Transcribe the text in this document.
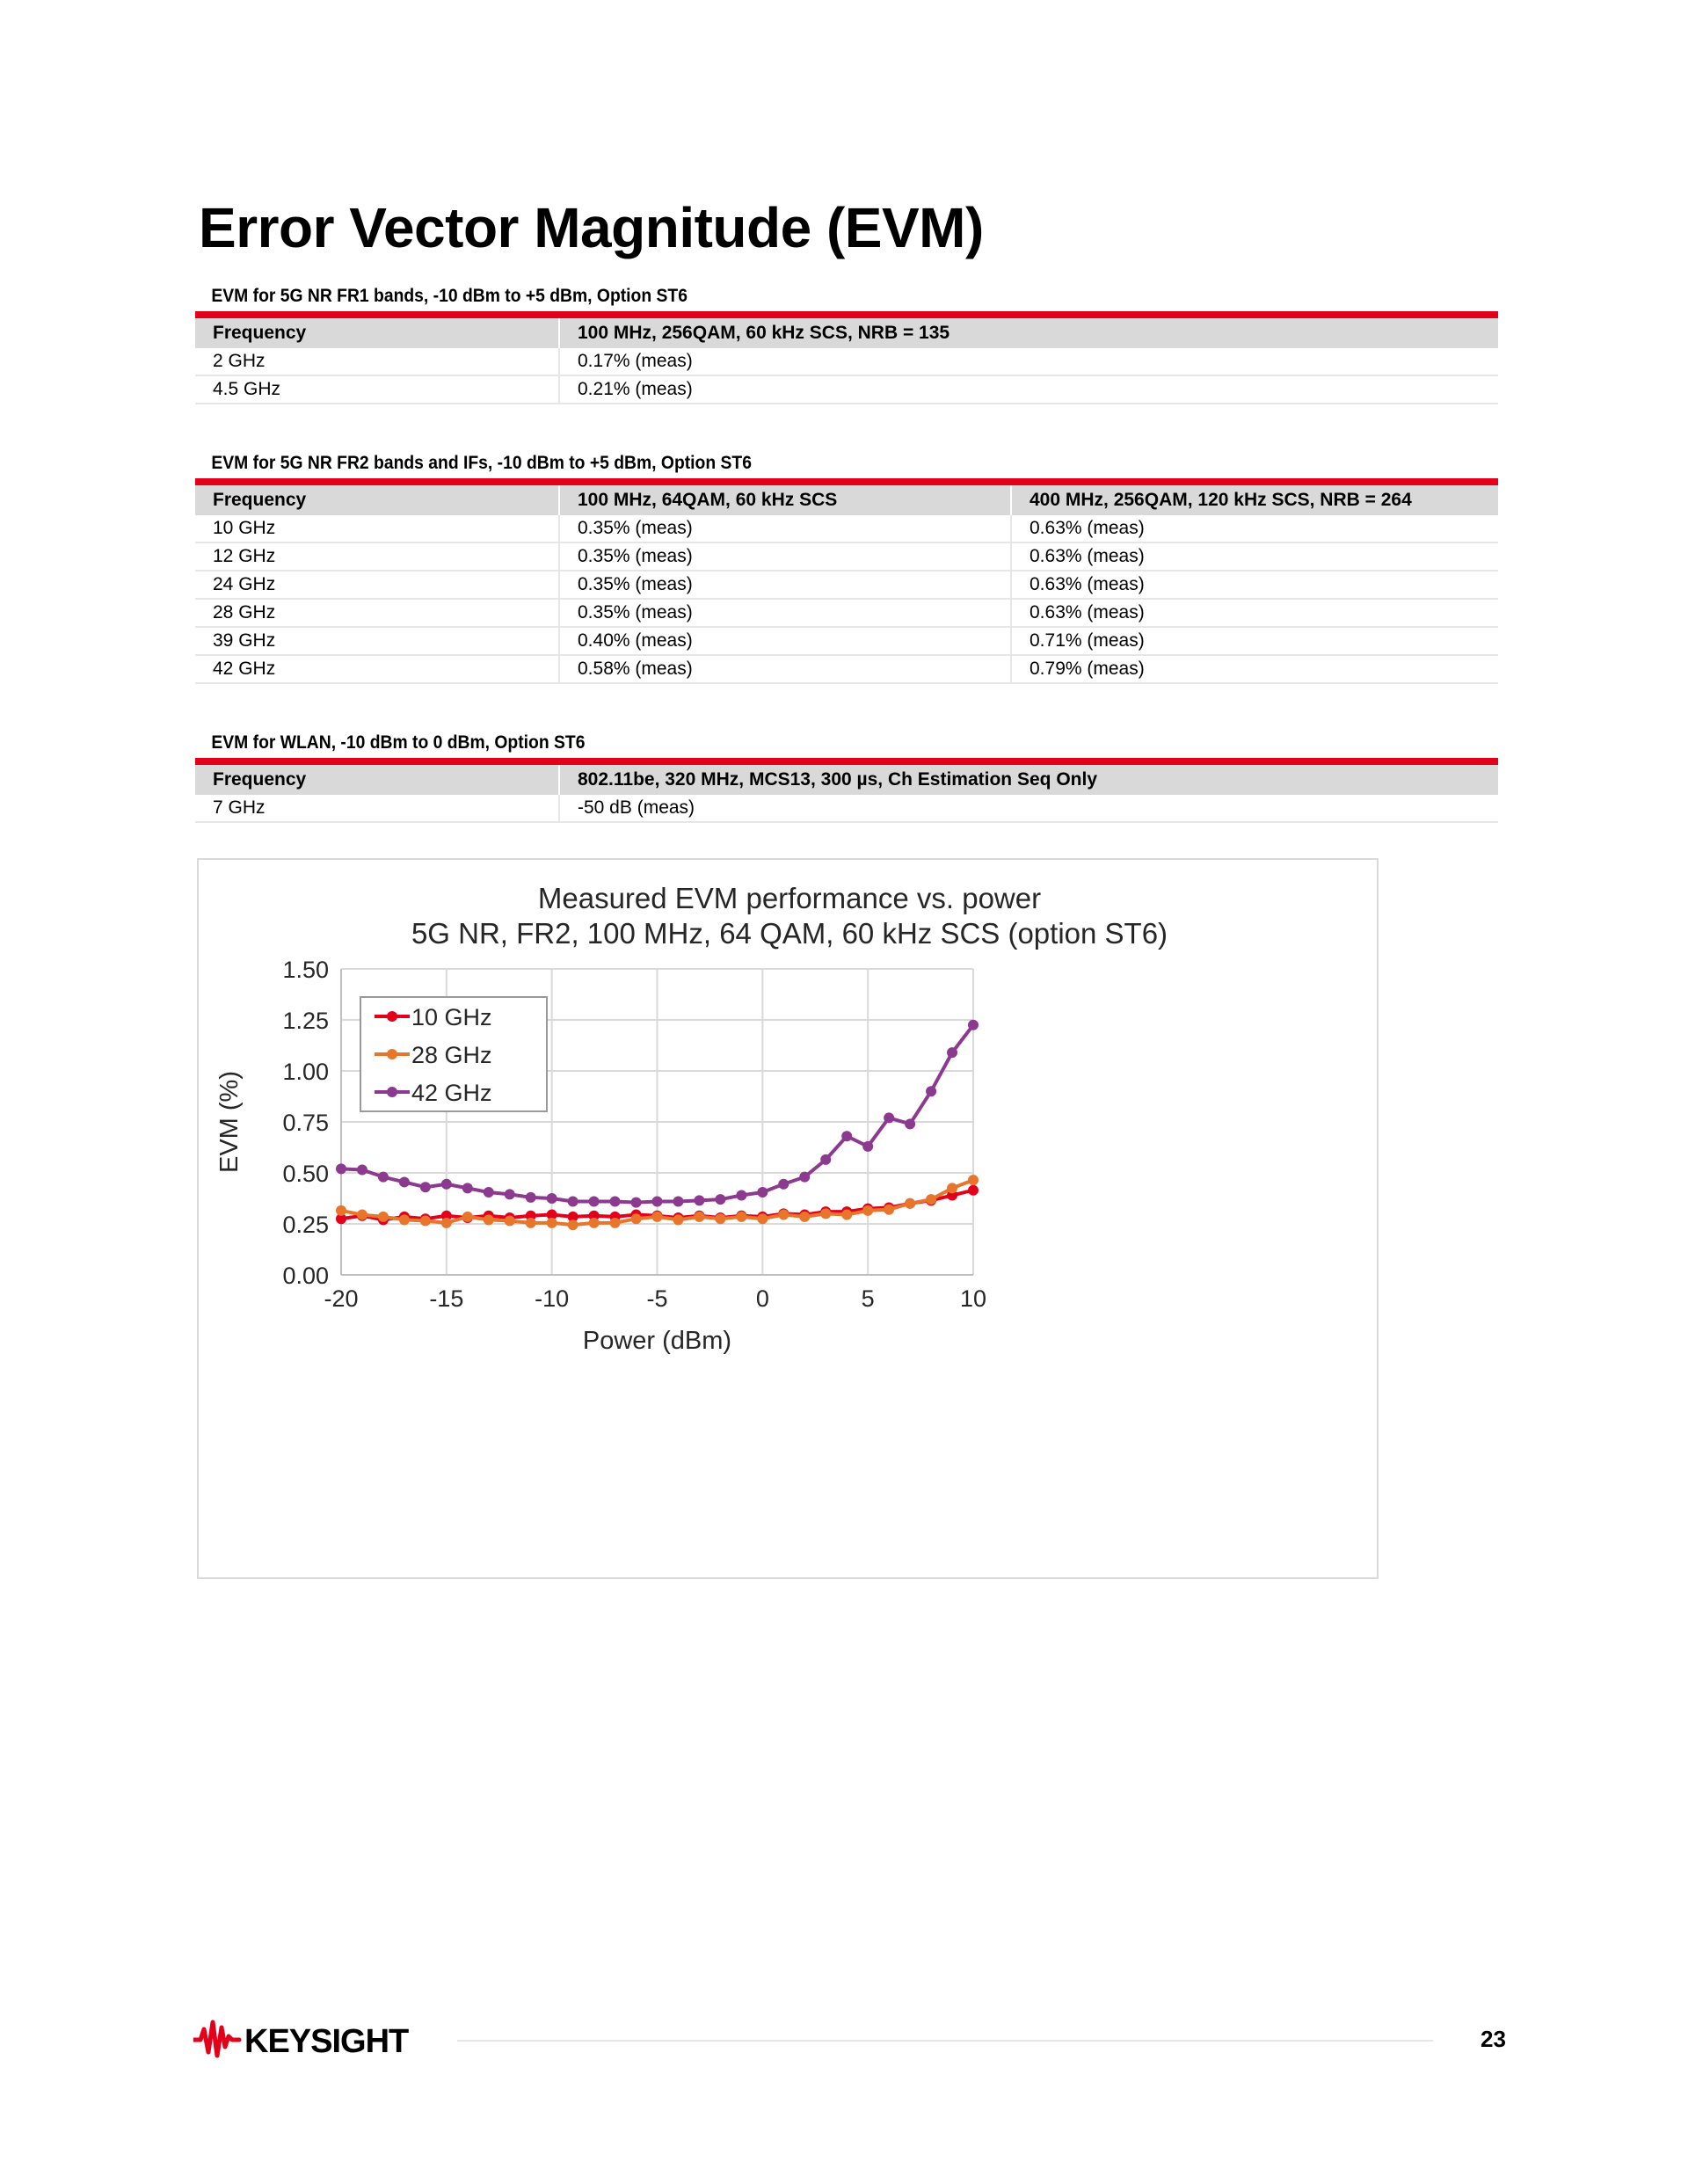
Error Vector Magnitude (EVM)
EVM for 5G NR FR1 bands, -10 dBm to +5 dBm, Option ST6
Frequency	100 MHz, 256QAM, 60 kHz SCS, NRB = 135
2 GHz	0.17% (meas)
4.5 GHz	0.21% (meas)
EVM for 5G NR FR2 bands and IFs, -10 dBm to +5 dBm, Option ST6
Frequency	100 MHz, 64QAM, 60 kHz SCS	400 MHz, 256QAM, 120 kHz SCS, NRB = 264
10 GHz	0.35% (meas)	0.63% (meas)
12 GHz	0.35% (meas)	0.63% (meas)
24 GHz	0.35% (meas)	0.63% (meas)
28 GHz	0.35% (meas)	0.63% (meas)
39 GHz	0.40% (meas)	0.71% (meas)
42 GHz	0.58% (meas)	0.79% (meas)
EVM for WLAN, -10 dBm to 0 dBm, Option ST6
Frequency	802.11be, 320 MHz, MCS13, 300 µs, Ch Estimation Seq Only
7 GHz	-50 dB (meas)
0.00
0.25
0.50
0.75
1.00
1.25
1.50
-20	-15	-10	-5	0	5	10
Measured EVM performance vs. power
5G NR, FR2, 100 MHz, 64 QAM, 60 kHz SCS (option ST6)
Power (dBm)
EVM (%)
10 GHz
28 GHz
42 GHz
KEYSIGHT	23
